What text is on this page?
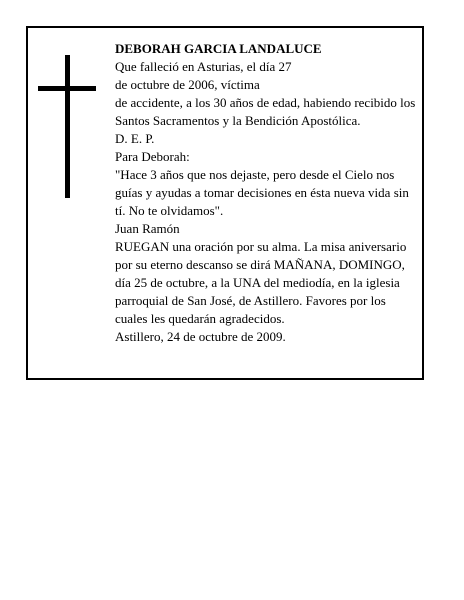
DEBORAH GARCIA LANDALUCE

Que falleció en Asturias, el día 27

de octubre de 2006, víctima

de accidente, a los 30 años de edad, habiendo recibido los Santos Sacramentos y la Bendición Apostólica.

D. E. P.

Para Deborah:

"Hace 3 años que nos dejaste, pero desde el Cielo nos guías y ayudas a tomar decisiones en ésta nueva vida sin tí. No te olvidamos".

Juan Ramón

RUEGAN una oración por su alma. La misa aniversario por su eterno descanso se dirá MAÑANA, DOMINGO, día 25 de octubre, a la UNA del mediodía, en la iglesia parroquial de San José, de Astillero. Favores por los cuales les quedarán agradecidos.

Astillero, 24 de octubre de 2009.
